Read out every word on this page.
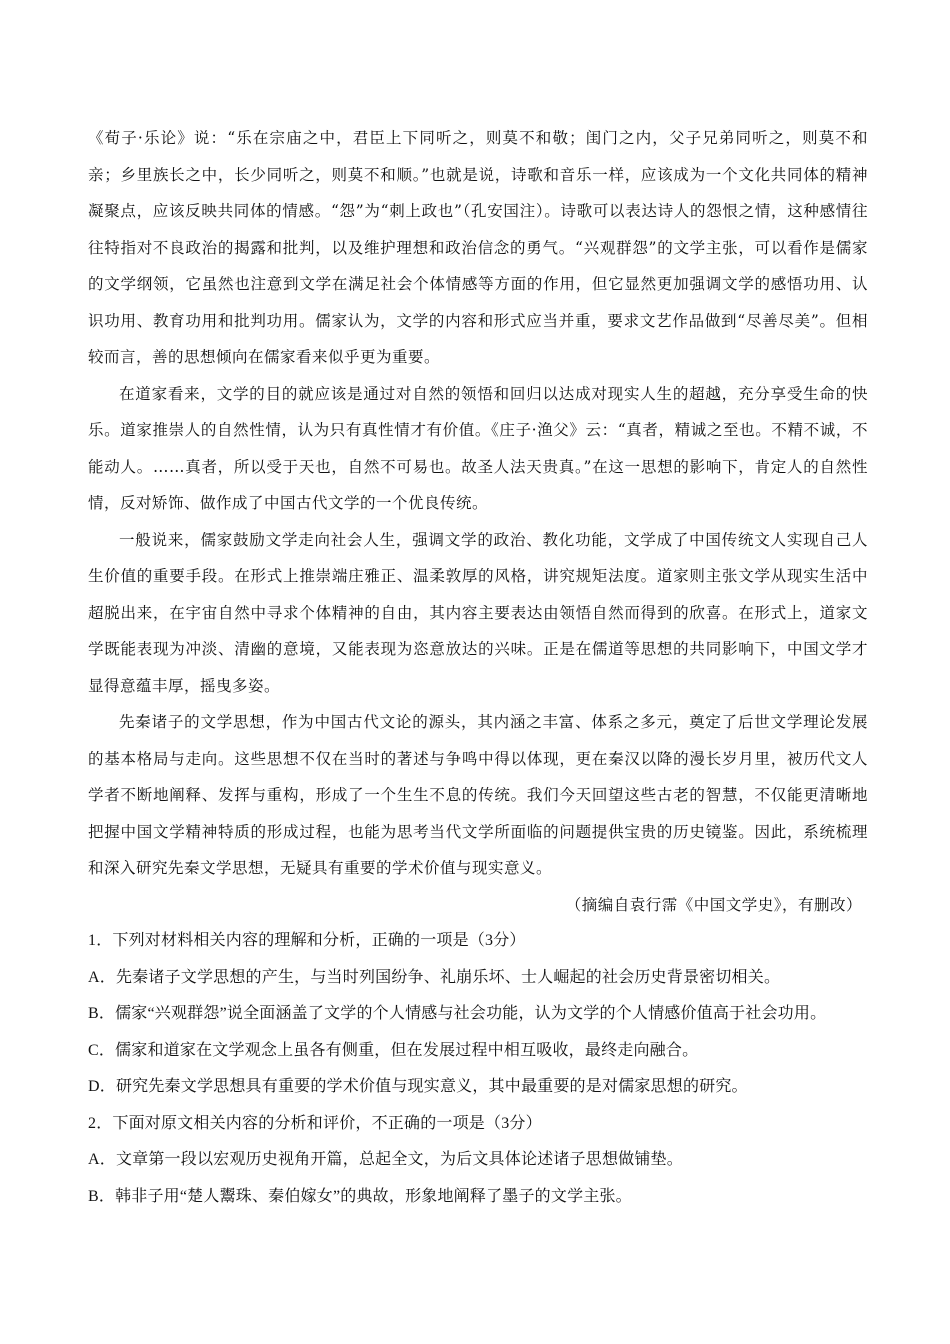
《荀子·乐论》说：“乐在宗庙之中，君臣上下同听之，则莫不和敬；闺门之内，父子兄弟同听之，则莫不和亲；乡里族长之中，长少同听之，则莫不和顺。”也就是说，诗歌和音乐一样，应该成为一个文化共同体的精神凝聚点，应该反映共同体的情感。“怨”为“刺上政也”（孔安国注）。诗歌可以表达诗人的怨恨之情，这种感情往往特指对不良政治的揭露和批判，以及维护理想和政治信念的勇气。“兴观群怨”的文学主张，可以看作是儒家的文学纲领，它虽然也注意到文学在满足社会个体情感等方面的作用，但它显然更加强调文学的感悟功用、认识功用、教育功用和批判功用。儒家认为，文学的内容和形式应当并重，要求文艺作品做到“尽善尽美”。但相较而言，善的思想倾向在儒家看来似乎更为重要。

在道家看来，文学的目的就应该是通过对自然的领悟和回归以达成对现实人生的超越，充分享受生命的快乐。道家推崇人的自然性情，认为只有真性情才有价值。《庄子·渔父》云：“真者，精诚之至也。不精不诚，不能动人。……真者，所以受于天也，自然不可易也。故圣人法天贵真。”在这一思想的影响下，肯定人的自然性情，反对矫饰、做作成了中国古代文学的一个优良传统。

一般说来，儒家鼓励文学走向社会人生，强调文学的政治、教化功能，文学成了中国传统文人实现自己人生价值的重要手段。在形式上推崇端庄雅正、温柔敦厚的风格，讲究规矩法度。道家则主张文学从现实生活中超脱出来，在宇宙自然中寻求个体精神的自由，其内容主要表达由领悟自然而得到的欣喜。在形式上，道家文学既能表现为冲淡、清幽的意境，又能表现为恣意放达的兴味。正是在儒道等思想的共同影响下，中国文学才显得意蕴丰厚，摇曳多姿。

先秦诸子的文学思想，作为中国古代文论的源头，其内涵之丰富、体系之多元，奠定了后世文学理论发展的基本格局与走向。这些思想不仅在当时的著述与争鸣中得以体现，更在秦汉以降的漫长岁月里，被历代文人学者不断地阐释、发挥与重构，形成了一个生生不息的传统。我们今天回望这些古老的智慧，不仅能更清晰地把握中国文学精神特质的形成过程，也能为思考当代文学所面临的问题提供宝贵的历史镜鉴。因此，系统梳理和深入研究先秦文学思想，无疑具有重要的学术价值与现实意义。

（摘编自袁行霈《中国文学史》，有删改）

1．下列对材料相关内容的理解和分析，正确的一项是（3分）

A．先秦诸子文学思想的产生，与当时列国纷争、礼崩乐坏、士人崛起的社会历史背景密切相关。

B．儒家“兴观群怨”说全面涵盖了文学的个人情感与社会功能，认为文学的个人情感价值高于社会功用。

C．儒家和道家在文学观念上虽各有侧重，但在发展过程中相互吸收，最终走向融合。

D．研究先秦文学思想具有重要的学术价值与现实意义，其中最重要的是对儒家思想的研究。

2．下面对原文相关内容的分析和评价，不正确的一项是（3分）

A．文章第一段以宏观历史视角开篇，总起全文，为后文具体论述诸子思想做铺垫。

B．韩非子用“楚人鬻珠、秦伯嫁女”的典故，形象地阐释了墨子的文学主张。
